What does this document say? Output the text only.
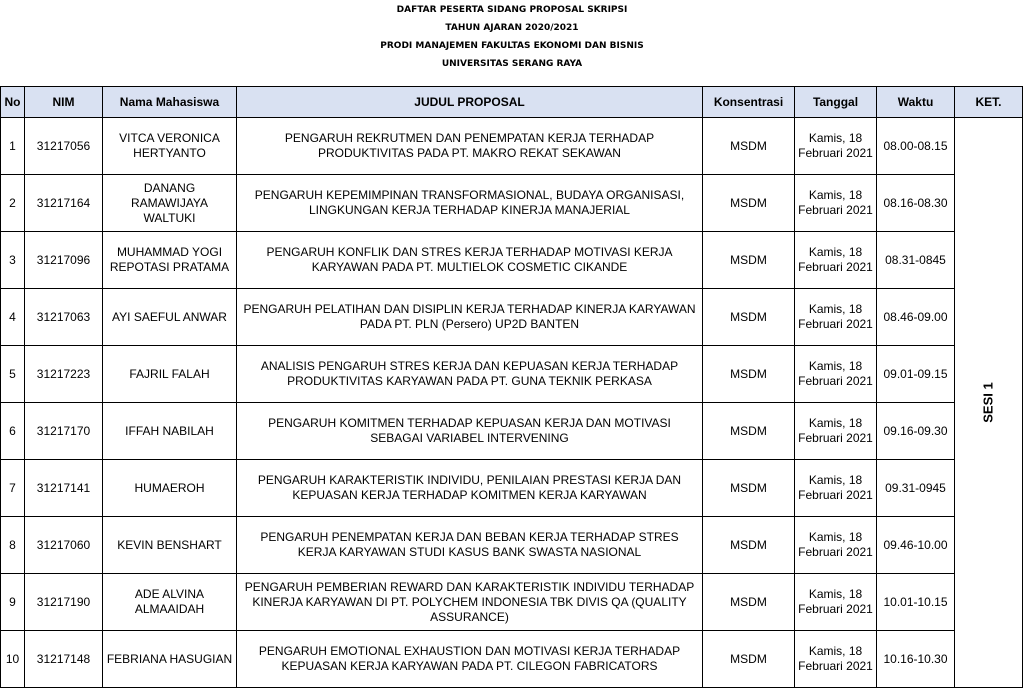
DAFTAR PESERTA SIDANG PROPOSAL SKRIPSI
TAHUN AJARAN 2020/2021
PRODI MANAJEMEN FAKULTAS EKONOMI DAN BISNIS
UNIVERSITAS SERANG RAYA
No	NIM	Nama Mahasiswa	JUDUL PROPOSAL	Konsentrasi	Tanggal	Waktu	KET.
1	31217056	VITCA VERONICA HERTYANTO	PENGARUH REKRUTMEN DAN PENEMPATAN KERJA TERHADAP PRODUKTIVITAS PADA PT. MAKRO REKAT SEKAWAN	MSDM	Kamis, 18 Februari 2021	08.00-08.15	SESI 1
2	31217164	DANANG RAMAWIJAYA WALTUKI	PENGARUH KEPEMIMPINAN TRANSFORMASIONAL, BUDAYA ORGANISASI, LINGKUNGAN KERJA TERHADAP KINERJA MANAJERIAL	MSDM	Kamis, 18 Februari 2021	08.16-08.30	
3	31217096	MUHAMMAD YOGI REPOTASI PRATAMA	PENGARUH KONFLIK DAN STRES KERJA TERHADAP MOTIVASI KERJA KARYAWAN PADA PT. MULTIELOK COSMETIC CIKANDE	MSDM	Kamis, 18 Februari 2021	08.31-0845	
4	31217063	AYI SAEFUL ANWAR	PENGARUH PELATIHAN DAN DISIPLIN KERJA TERHADAP KINERJA KARYAWAN PADA PT. PLN (Persero) UP2D BANTEN	MSDM	Kamis, 18 Februari 2021	08.46-09.00	
5	31217223	FAJRIL FALAH	ANALISIS PENGARUH STRES KERJA DAN KEPUASAN KERJA TERHADAP PRODUKTIVITAS KARYAWAN PADA PT. GUNA TEKNIK PERKASA	MSDM	Kamis, 18 Februari 2021	09.01-09.15	
6	31217170	IFFAH NABILAH	PENGARUH KOMITMEN TERHADAP KEPUASAN KERJA DAN MOTIVASI SEBAGAI VARIABEL INTERVENING	MSDM	Kamis, 18 Februari 2021	09.16-09.30	
7	31217141	HUMAEROH	PENGARUH KARAKTERISTIK INDIVIDU, PENILAIAN PRESTASI KERJA DAN KEPUASAN KERJA TERHADAP KOMITMEN KERJA KARYAWAN	MSDM	Kamis, 18 Februari 2021	09.31-0945	
8	31217060	KEVIN BENSHART	PENGARUH PENEMPATAN KERJA DAN BEBAN KERJA TERHADAP STRES KERJA KARYAWAN STUDI KASUS BANK SWASTA NASIONAL	MSDM	Kamis, 18 Februari 2021	09.46-10.00	
9	31217190	ADE ALVINA ALMAAIDAH	PENGARUH PEMBERIAN REWARD DAN KARAKTERISTIK INDIVIDU TERHADAP KINERJA KARYAWAN DI PT. POLYCHEM INDONESIA TBK DIVIS QA (QUALITY ASSURANCE)	MSDM	Kamis, 18 Februari 2021	10.01-10.15	
10	31217148	FEBRIANA HASUGIAN	PENGARUH EMOTIONAL EXHAUSTION DAN MOTIVASI KERJA TERHADAP KEPUASAN KERJA KARYAWAN PADA PT. CILEGON FABRICATORS	MSDM	Kamis, 18 Februari 2021	10.16-10.30	
